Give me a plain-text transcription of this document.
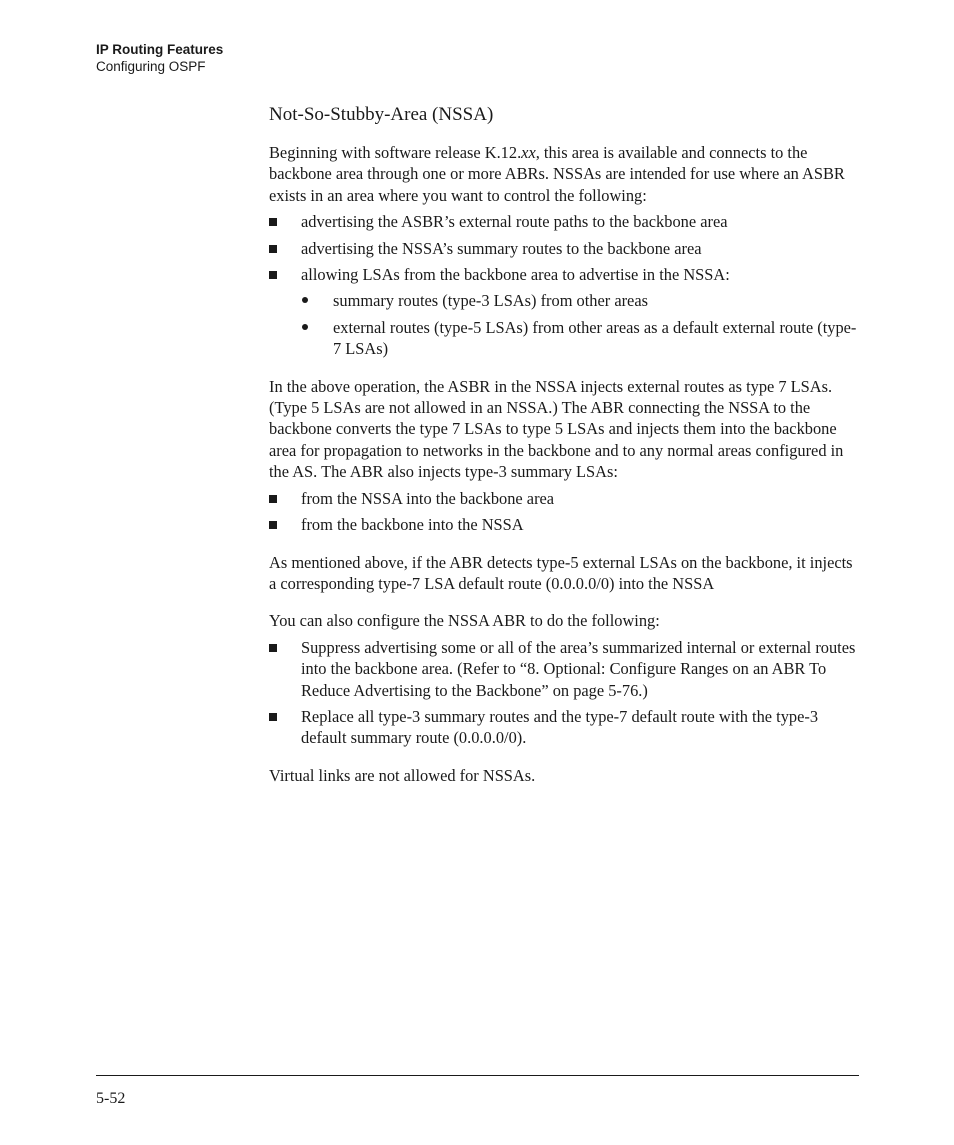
IP Routing Features
Configuring OSPF
Not-So-Stubby-Area (NSSA)

Beginning with software release K.12.xx, this area is available and connects to the backbone area through one or more ABRs. NSSAs are intended for use where an ASBR exists in an area where you want to control the following:

advertising the ASBR’s external route paths to the backbone area
advertising the NSSA’s summary routes to the backbone area
allowing LSAs from the backbone area to advertise in the NSSA:
summary routes (type-3 LSAs) from other areas
external routes (type-5 LSAs) from other areas as a default external route (type-7 LSAs)

In the above operation, the ASBR in the NSSA injects external routes as type 7 LSAs. (Type 5 LSAs are not allowed in an NSSA.) The ABR connecting the NSSA to the backbone converts the type 7 LSAs to type 5 LSAs and injects them into the backbone area for propagation to networks in the backbone and to any normal areas configured in the AS. The ABR also injects type-3 summary LSAs:

from the NSSA into the backbone area
from the backbone into the NSSA

As mentioned above, if the ABR detects type-5 external LSAs on the backbone, it injects a corresponding type-7 LSA default route (0.0.0.0/0) into the NSSA

You can also configure the NSSA ABR to do the following:

Suppress advertising some or all of the area’s summarized internal or external routes into the backbone area. (Refer to “8. Optional: Configure Ranges on an ABR To Reduce Advertising to the Backbone” on page 5-76.)
Replace all type-3 summary routes and the type-7 default route with the type-3 default summary route (0.0.0.0/0).

Virtual links are not allowed for NSSAs.

5-52
